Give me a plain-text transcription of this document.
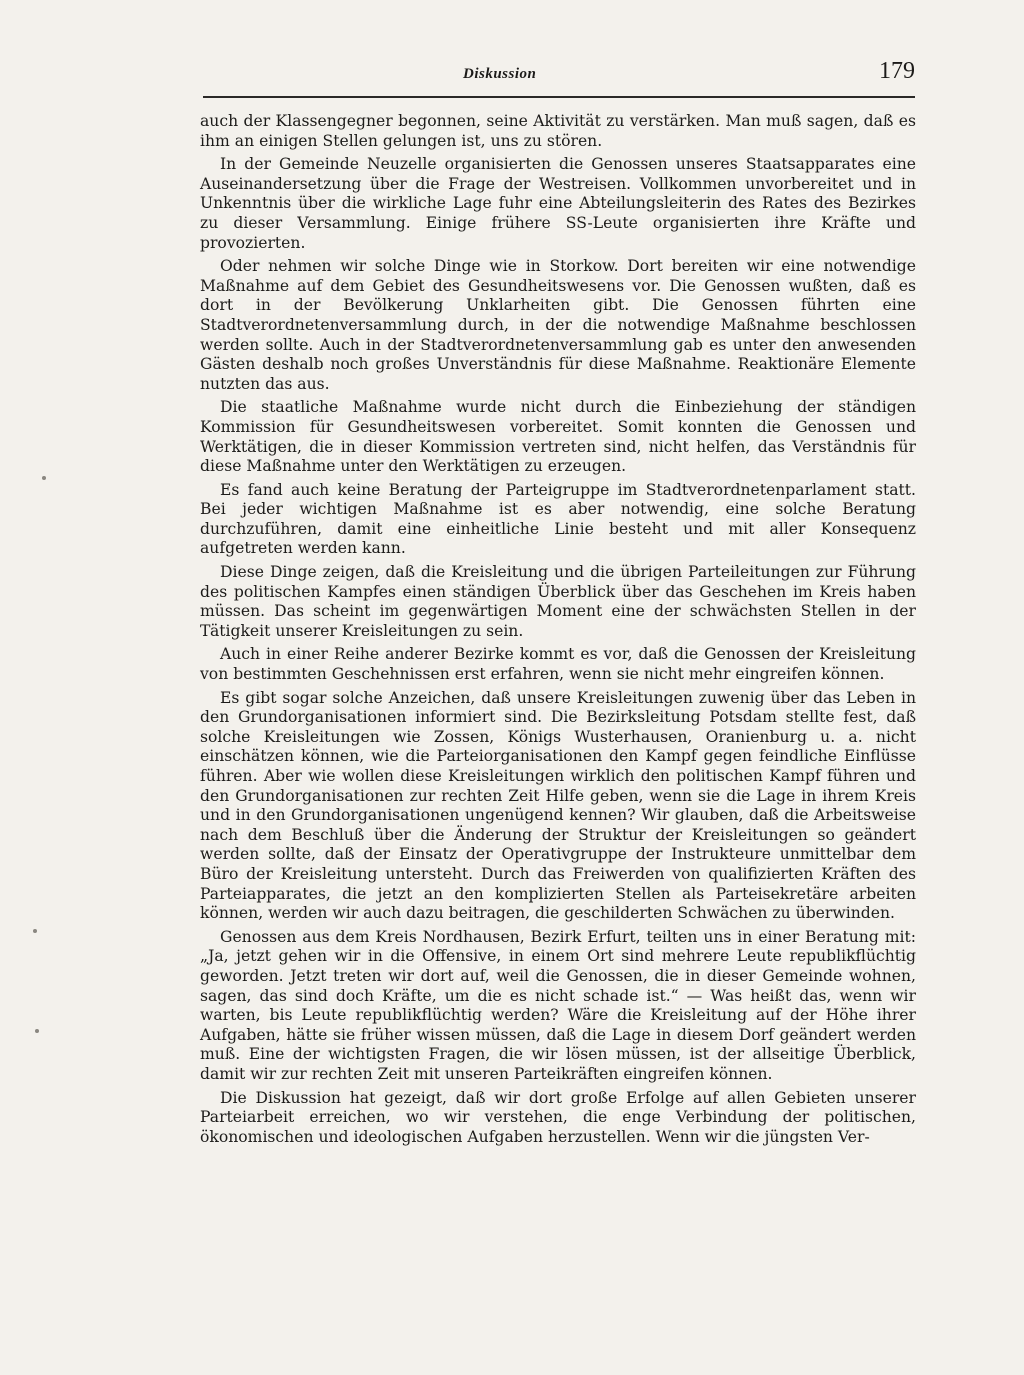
Diskussion	179

auch der Klassengegner begonnen, seine Aktivität zu verstärken. Man muß sagen, daß es ihm an einigen Stellen gelungen ist, uns zu stören.

In der Gemeinde Neuzelle organisierten die Genossen unseres Staatsapparates eine Auseinandersetzung über die Frage der Westreisen. Vollkommen unvorbereitet und in Unkenntnis über die wirkliche Lage fuhr eine Abteilungsleiterin des Rates des Bezirkes zu dieser Versammlung. Einige frühere SS-Leute organisierten ihre Kräfte und provozierten.

Oder nehmen wir solche Dinge wie in Storkow. Dort bereiten wir eine notwendige Maßnahme auf dem Gebiet des Gesundheitswesens vor. Die Genossen wußten, daß es dort in der Bevölkerung Unklarheiten gibt. Die Genossen führten eine Stadtverordnetenversammlung durch, in der die notwendige Maßnahme beschlossen werden sollte. Auch in der Stadtverordnetenversammlung gab es unter den anwesenden Gästen deshalb noch großes Unverständnis für diese Maßnahme. Reaktionäre Elemente nutzten das aus.

Die staatliche Maßnahme wurde nicht durch die Einbeziehung der ständigen Kommission für Gesundheitswesen vorbereitet. Somit konnten die Genossen und Werktätigen, die in dieser Kommission vertreten sind, nicht helfen, das Verständnis für diese Maßnahme unter den Werktätigen zu erzeugen.

Es fand auch keine Beratung der Parteigruppe im Stadtverordnetenparlament statt. Bei jeder wichtigen Maßnahme ist es aber notwendig, eine solche Beratung durchzuführen, damit eine einheitliche Linie besteht und mit aller Konsequenz aufgetreten werden kann.

Diese Dinge zeigen, daß die Kreisleitung und die übrigen Parteileitungen zur Führung des politischen Kampfes einen ständigen Überblick über das Geschehen im Kreis haben müssen. Das scheint im gegenwärtigen Moment eine der schwächsten Stellen in der Tätigkeit unserer Kreisleitungen zu sein.

Auch in einer Reihe anderer Bezirke kommt es vor, daß die Genossen der Kreisleitung von bestimmten Geschehnissen erst erfahren, wenn sie nicht mehr eingreifen können.

Es gibt sogar solche Anzeichen, daß unsere Kreisleitungen zuwenig über das Leben in den Grundorganisationen informiert sind. Die Bezirksleitung Potsdam stellte fest, daß solche Kreisleitungen wie Zossen, Königs Wusterhausen, Oranienburg u. a. nicht einschätzen können, wie die Parteiorganisationen den Kampf gegen feindliche Einflüsse führen. Aber wie wollen diese Kreisleitungen wirklich den politischen Kampf führen und den Grundorganisationen zur rechten Zeit Hilfe geben, wenn sie die Lage in ihrem Kreis und in den Grundorganisationen ungenügend kennen? Wir glauben, daß die Arbeitsweise nach dem Beschluß über die Änderung der Struktur der Kreisleitungen so geändert werden sollte, daß der Einsatz der Operativgruppe der Instrukteure unmittelbar dem Büro der Kreisleitung untersteht. Durch das Freiwerden von qualifizierten Kräften des Parteiapparates, die jetzt an den komplizierten Stellen als Parteisekretäre arbeiten können, werden wir auch dazu beitragen, die geschilderten Schwächen zu überwinden.

Genossen aus dem Kreis Nordhausen, Bezirk Erfurt, teilten uns in einer Beratung mit: „Ja, jetzt gehen wir in die Offensive, in einem Ort sind mehrere Leute republikflüchtig geworden. Jetzt treten wir dort auf, weil die Genossen, die in dieser Gemeinde wohnen, sagen, das sind doch Kräfte, um die es nicht schade ist.“ — Was heißt das, wenn wir warten, bis Leute republikflüchtig werden? Wäre die Kreisleitung auf der Höhe ihrer Aufgaben, hätte sie früher wissen müssen, daß die Lage in diesem Dorf geändert werden muß. Eine der wichtigsten Fragen, die wir lösen müssen, ist der allseitige Überblick, damit wir zur rechten Zeit mit unseren Parteikräften eingreifen können.

Die Diskussion hat gezeigt, daß wir dort große Erfolge auf allen Gebieten unserer Parteiarbeit erreichen, wo wir verstehen, die enge Verbindung der politischen, ökonomischen und ideologischen Aufgaben herzustellen. Wenn wir die jüngsten Ver-
